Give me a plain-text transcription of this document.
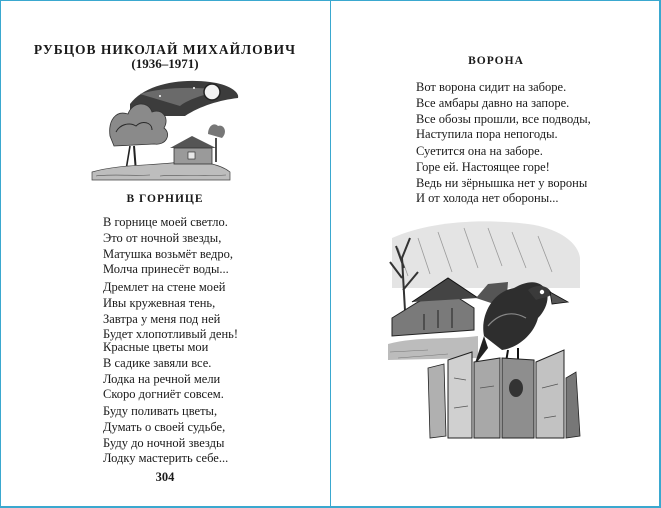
РУБЦОВ НИКОЛАЙ МИХАЙЛОВИЧ
(1936–1971)
В ГОРНИЦЕ
В горнице моей светло.
Это от ночной звезды,
Матушка возьмёт ведро,
Молча принесёт воды...
Дремлет на стене моей
Ивы кружевная тень,
Завтра у меня под ней
Будет хлопотливый день!
Красные цветы мои
В садике завяли все.
Лодка на речной мели
Скоро догниёт совсем.
Буду поливать цветы,
Думать о своей судьбе,
Буду до ночной звезды
Лодку мастерить себе...
304
ВОРОНА
Вот ворона сидит на заборе.
Все амбары давно на запоре.
Все обозы прошли, все подводы,
Наступила пора непогоды.
Суетится она на заборе.
Горе ей. Настоящее горе!
Ведь ни зёрнышка нет у вороны
И от холода нет обороны...
